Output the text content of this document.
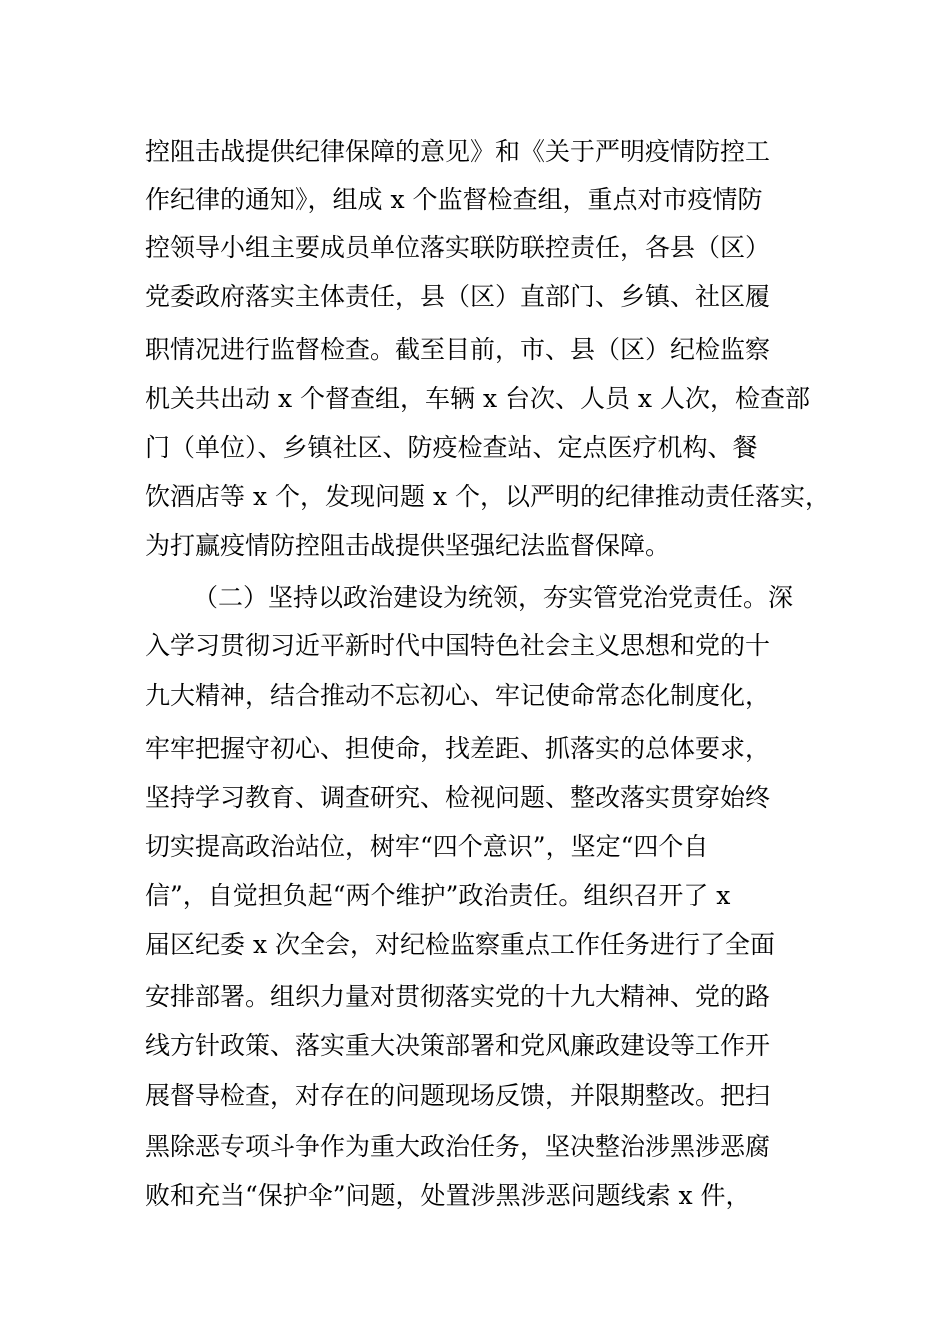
控阻击战提供纪律保障的意见》和《关于严明疫情防控工

作纪律的通知》，组成 x 个监督检查组，重点对市疫情防

控领导小组主要成员单位落实联防联控责任，各县（区）

党委政府落实主体责任，县（区）直部门、乡镇、社区履

职情况进行监督检查。截至目前，市、县（区）纪检监察

机关共出动 x 个督查组，车辆 x 台次、人员 x 人次，检查部

门（单位）、乡镇社区、防疫检查站、定点医疗机构、餐

饮酒店等 x 个，发现问题 x 个，以严明的纪律推动责任落实，

为打赢疫情防控阻击战提供坚强纪法监督保障。

（二）坚持以政治建设为统领，夯实管党治党责任。深

入学习贯彻习近平新时代中国特色社会主义思想和党的十

九大精神，结合推动不忘初心、牢记使命常态化制度化，

牢牢把握守初心、担使命，找差距、抓落实的总体要求，

坚持学习教育、调查研究、检视问题、整改落实贯穿始终

切实提高政治站位，树牢“四个意识”，坚定“四个自

信”，自觉担负起“两个维护”政治责任。组织召开了 x

届区纪委 x 次全会，对纪检监察重点工作任务进行了全面

安排部署。组织力量对贯彻落实党的十九大精神、党的路

线方针政策、落实重大决策部署和党风廉政建设等工作开

展督导检查，对存在的问题现场反馈，并限期整改。把扫

黑除恶专项斗争作为重大政治任务，坚决整治涉黑涉恶腐

败和充当“保护伞”问题，处置涉黑涉恶问题线索 x 件，
